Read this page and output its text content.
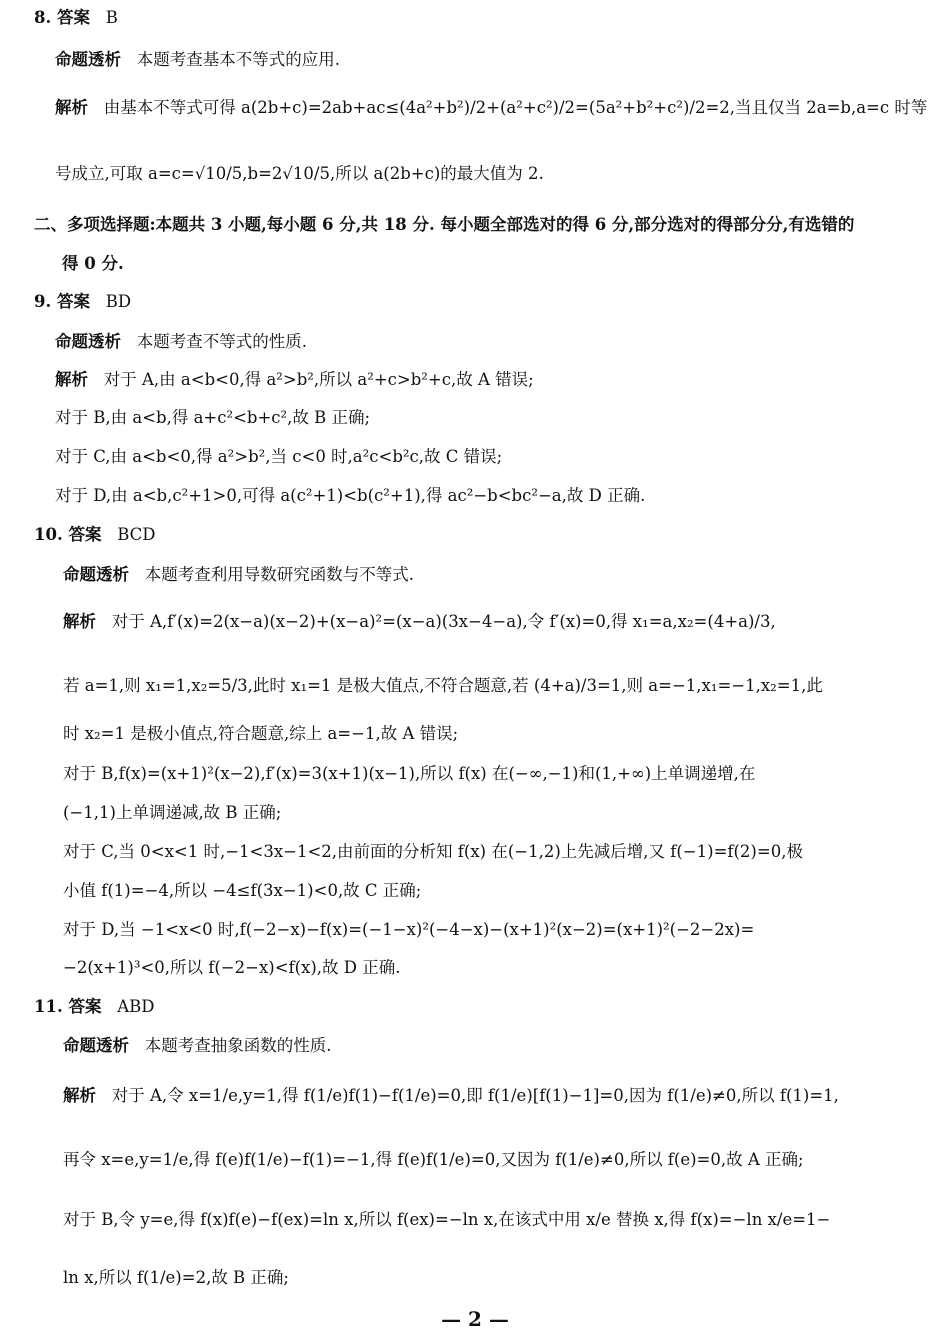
8. 答案 B
命题透析 本题考查基本不等式的应用.
解析 由基本不等式可得 a(2b+c)=2ab+ac≤(4a²+b²)/2+(a²+c²)/2=(5a²+b²+c²)/2=2,当且仅当 2a=b,a=c 时等
号成立,可取 a=c=√10/5,b=2√10/5,所以 a(2b+c)的最大值为 2.
二、多项选择题:本题共 3 小题,每小题 6 分,共 18 分. 每小题全部选对的得 6 分,部分选对的得部分分,有选错的
得 0 分.
9. 答案 BD
命题透析 本题考查不等式的性质.
解析 对于 A,由 a<b<0,得 a²>b²,所以 a²+c>b²+c,故 A 错误;
对于 B,由 a<b,得 a+c²<b+c²,故 B 正确;
对于 C,由 a<b<0,得 a²>b²,当 c<0 时,a²c<b²c,故 C 错误;
对于 D,由 a<b,c²+1>0,可得 a(c²+1)<b(c²+1),得 ac²−b<bc²−a,故 D 正确.
10. 答案 BCD
命题透析 本题考查利用导数研究函数与不等式.
解析 对于 A,f′(x)=2(x−a)(x−2)+(x−a)²=(x−a)(3x−4−a),令 f′(x)=0,得 x₁=a,x₂=(4+a)/3,
若 a=1,则 x₁=1,x₂=5/3,此时 x₁=1 是极大值点,不符合题意,若 (4+a)/3=1,则 a=−1,x₁=−1,x₂=1,此
时 x₂=1 是极小值点,符合题意,综上 a=−1,故 A 错误;
对于 B,f(x)=(x+1)²(x−2),f′(x)=3(x+1)(x−1),所以 f(x) 在(−∞,−1)和(1,+∞)上单调递增,在
(−1,1)上单调递减,故 B 正确;
对于 C,当 0<x<1 时,−1<3x−1<2,由前面的分析知 f(x) 在(−1,2)上先减后增,又 f(−1)=f(2)=0,极
小值 f(1)=−4,所以 −4≤f(3x−1)<0,故 C 正确;
对于 D,当 −1<x<0 时,f(−2−x)−f(x)=(−1−x)²(−4−x)−(x+1)²(x−2)=(x+1)²(−2−2x)=
−2(x+1)³<0,所以 f(−2−x)<f(x),故 D 正确.
11. 答案 ABD
命题透析 本题考查抽象函数的性质.
解析 对于 A,令 x=1/e,y=1,得 f(1/e)f(1)−f(1/e)=0,即 f(1/e)[f(1)−1]=0,因为 f(1/e)≠0,所以 f(1)=1,
再令 x=e,y=1/e,得 f(e)f(1/e)−f(1)=−1,得 f(e)f(1/e)=0,又因为 f(1/e)≠0,所以 f(e)=0,故 A 正确;
对于 B,令 y=e,得 f(x)f(e)−f(ex)=ln x,所以 f(ex)=−ln x,在该式中用 x/e 替换 x,得 f(x)=−ln x/e=1−
ln x,所以 f(1/e)=2,故 B 正确;
— 2 —
